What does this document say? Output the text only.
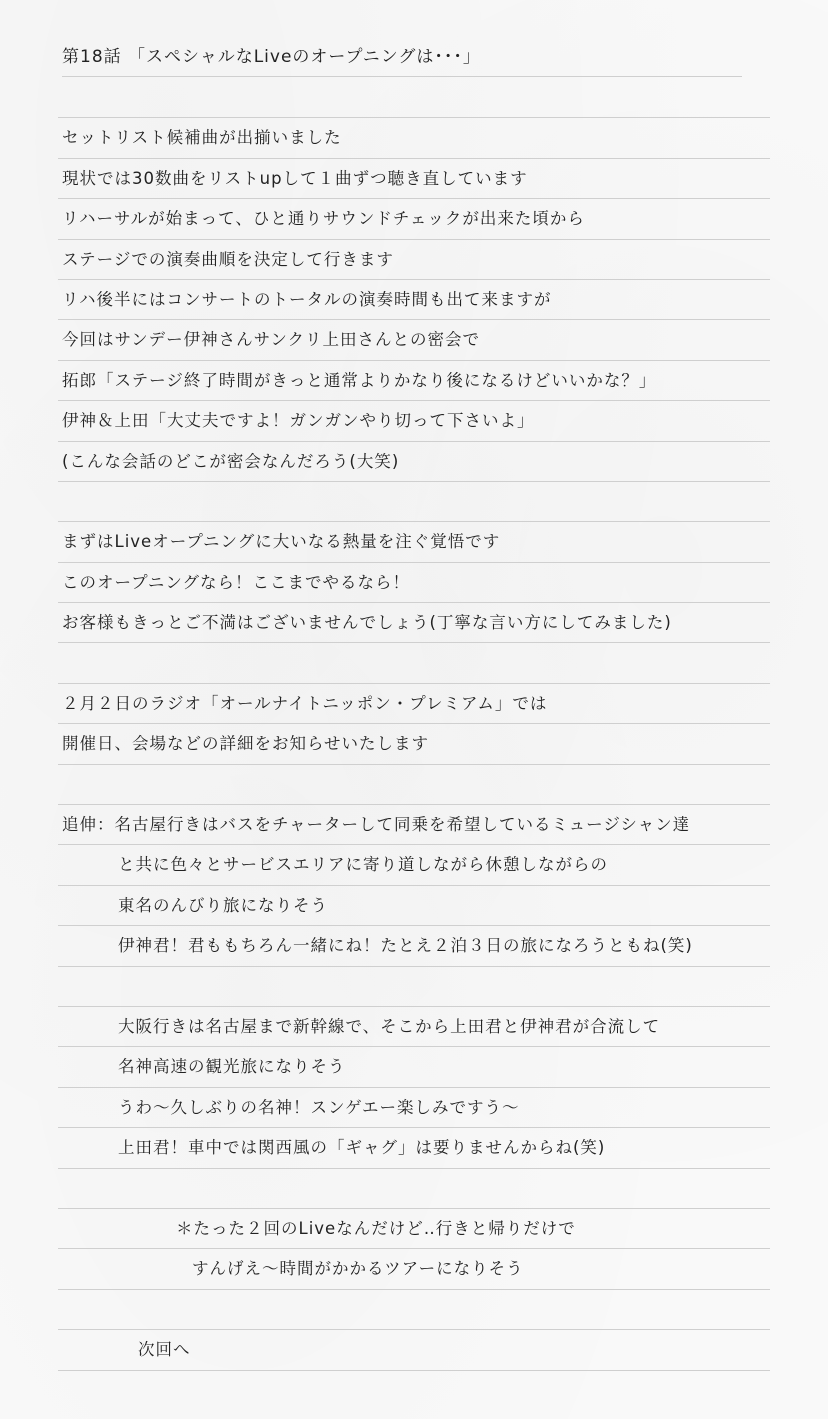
第18話 「スペシャルなLiveのオープニングは･･･」
セットリスト候補曲が出揃いました
現状では30数曲をリストupして１曲ずつ聴き直しています
リハーサルが始まって、ひと通りサウンドチェックが出来た頃から
ステージでの演奏曲順を決定して行きます
リハ後半にはコンサートのトータルの演奏時間も出て来ますが
今回はサンデー伊神さんサンクリ上田さんとの密会で
拓郎「ステージ終了時間がきっと通常よりかなり後になるけどいいかな？」
伊神＆上田「大丈夫ですよ！ガンガンやり切って下さいよ」
(こんな会話のどこが密会なんだろう(大笑)
まずはLiveオープニングに大いなる熱量を注ぐ覚悟です
このオープニングなら！ここまでやるなら！
お客様もきっとご不満はございませんでしょう(丁寧な言い方にしてみました)
２月２日のラジオ「オールナイトニッポン・プレミアム」では
開催日、会場などの詳細をお知らせいたします
追伸：名古屋行きはバスをチャーターして同乗を希望しているミュージシャン達
と共に色々とサービスエリアに寄り道しながら休憩しながらの
東名のんびり旅になりそう
伊神君！君ももちろん一緒にね！たとえ２泊３日の旅になろうともね(笑)
大阪行きは名古屋まで新幹線で、そこから上田君と伊神君が合流して
名神高速の観光旅になりそう
うわ〜久しぶりの名神！スンゲエー楽しみですう〜
上田君！車中では関西風の「ギャグ」は要りませんからね(笑)
＊たった２回のLiveなんだけど‥行きと帰りだけで
すんげえ〜時間がかかるツアーになりそう
次回へ
